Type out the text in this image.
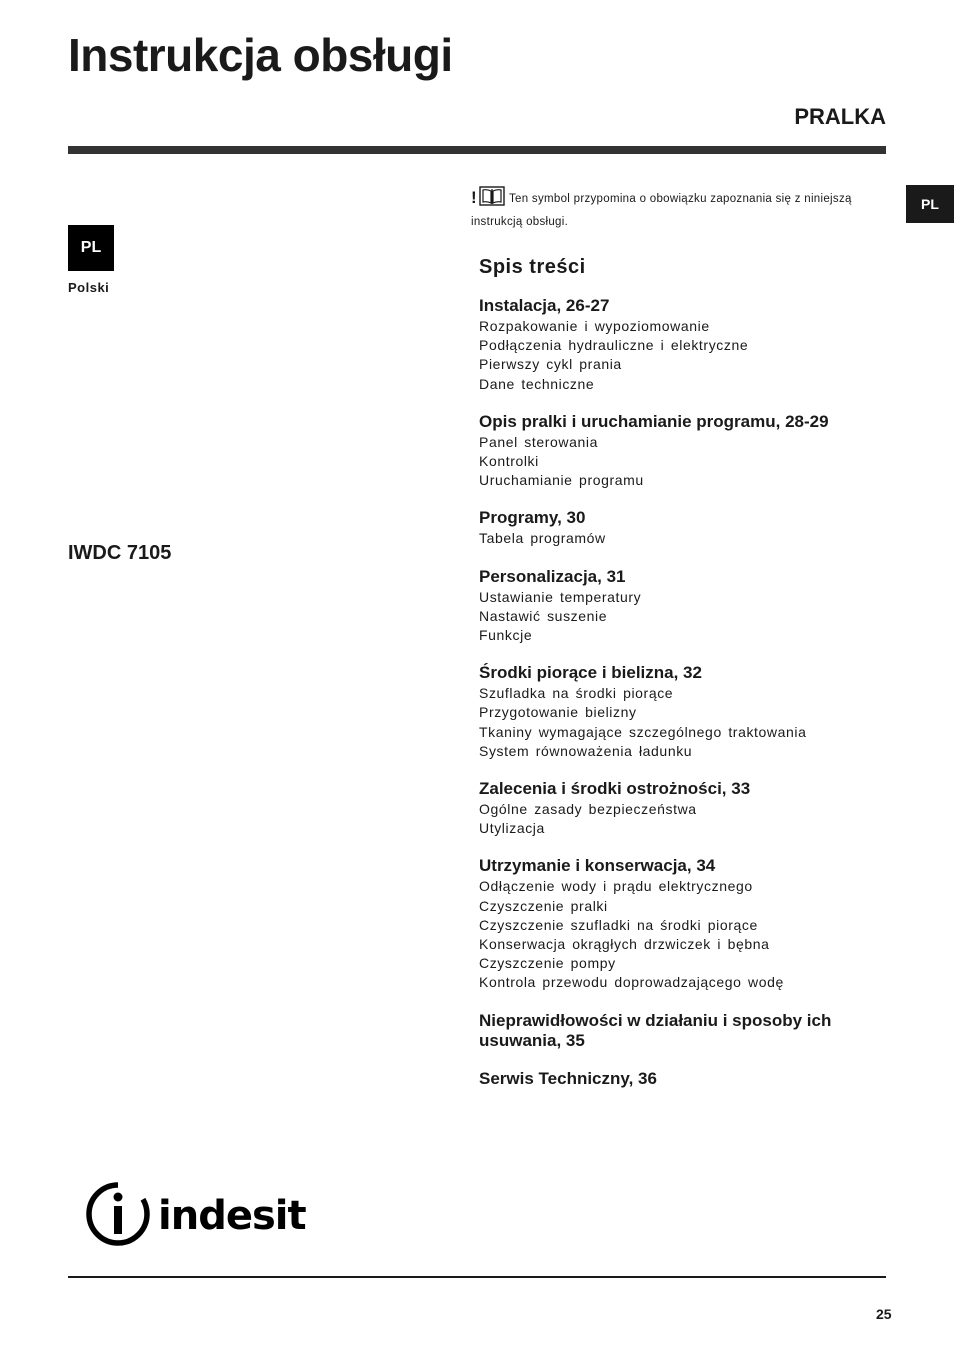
Instrukcja obsługi
PRALKA
PL
Polski
PL
IWDC 7105
!	Ten symbol przypomina o obowiązku zapoznania się z niniejszą instrukcją obsługi.
Spis treści
Instalacja, 26-27
Rozpakowanie i wypoziomowanie
Podłączenia hydrauliczne i elektryczne
Pierwszy cykl prania
Dane techniczne
Opis pralki i uruchamianie programu, 28-29
Panel sterowania
Kontrolki
Uruchamianie programu
Programy, 30
Tabela programów
Personalizacja, 31
Ustawianie temperatury
Nastawić suszenie
Funkcje
Środki piorące i bielizna, 32
Szufladka na środki piorące
Przygotowanie bielizny
Tkaniny wymagające szczególnego traktowania
System równoważenia ładunku
Zalecenia i środki ostrożności, 33
Ogólne zasady bezpieczeństwa
Utylizacja
Utrzymanie i konserwacja, 34
Odłączenie wody i prądu elektrycznego
Czyszczenie pralki
Czyszczenie szufladki na środki piorące
Konserwacja okrągłych drzwiczek i bębna
Czyszczenie pompy
Kontrola przewodu doprowadzającego wodę
Nieprawidłowości w działaniu i sposoby ich usuwania, 35
Serwis Techniczny, 36
indesit
25
